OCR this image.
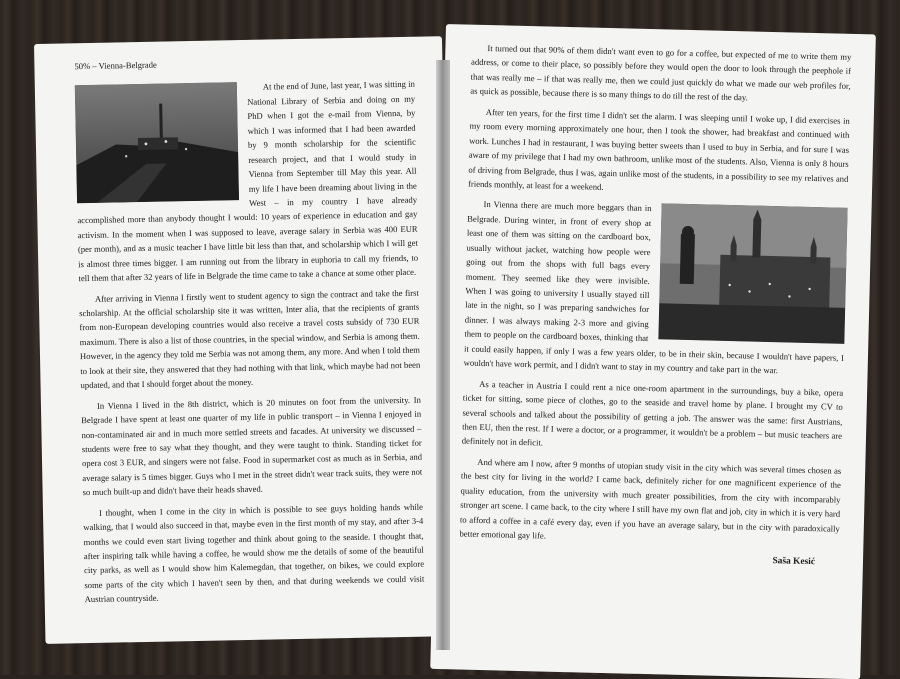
50% – Vienna-Belgrade

At the end of June, last year, I was sitting in National Library of Serbia and doing on my PhD when I got the e-mail from Vienna, by which I was informed that I had been awarded by 9 month scholarship for the scientific research project, and that I would study in Vienna from September till May this year. All my life I have been dreaming about living in the West – in my country I have already accomplished more than anybody thought I would: 10 years of experience in education and gay activism. In the moment when I was supposed to leave, average salary in Serbia was 400 EUR (per month), and as a music teacher I have little bit less than that, and scholarship which I will get is almost three times bigger. I am running out from the library in euphoria to call my friends, to tell them that after 32 years of life in Belgrade the time came to take a chance at some other place.

After arriving in Vienna I firstly went to student agency to sign the contract and take the first scholarship. At the official scholarship site it was written, Inter alia, that the recipients of grants from non-European developing countries would also receive a travel costs subsidy of 730 EUR maximum. There is also a list of those countries, in the special window, and Serbia is among them. However, in the agency they told me Serbia was not among them, any more. And when I told them to look at their site, they answered that they had nothing with that link, which maybe had not been updated, and that I should forget about the money.

In Vienna I lived in the 8th district, which is 20 minutes on foot from the university. In Belgrade I have spent at least one quarter of my life in public transport – in Vienna I enjoyed in non-contaminated air and in much more settled streets and facades. At university we discussed – students were free to say what they thought, and they were taught to think. Standing ticket for opera cost 3 EUR, and singers were not false. Food in supermarket cost as much as in Serbia, and average salary is 5 times bigger. Guys who I met in the street didn't wear track suits, they were not so much built-up and didn't have their heads shaved.

I thought, when I come in the city in which is possible to see guys holding hands while walking, that I would also succeed in that, maybe even in the first month of my stay, and after 3-4 months we could even start living together and think about going to the seaside. I thought that, after inspiring talk while having a coffee, he would show me the details of some of the beautiful city parks, as well as I would show him Kalemegdan, that together, on bikes, we could explore some parts of the city which I haven't seen by then, and that during weekends we could visit Austrian countryside.

It turned out that 90% of them didn't want even to go for a coffee, but expected of me to write them my address, or come to their place, so possibly before they would open the door to look through the peephole if that was really me – if that was really me, then we could just quickly do what we made our web profiles for, as quick as possible, because there is so many things to do till the rest of the day.

After ten years, for the first time I didn't set the alarm. I was sleeping until I woke up, I did exercises in my room every morning approximately one hour, then I took the shower, had breakfast and continued with work. Lunches I had in restaurant, I was buying better sweets than I used to buy in Serbia, and for sure I was aware of my privilege that I had my own bathroom, unlike most of the students. Also, Vienna is only 8 hours of driving from Belgrade, thus I was, again unlike most of the students, in a possibility to see my relatives and friends monthly, at least for a weekend.

In Vienna there are much more beggars than in Belgrade. During winter, in front of every shop at least one of them was sitting on the cardboard box, usually without jacket, watching how people were going out from the shops with full bags every moment. They seemed like they were invisible. When I was going to university I usually stayed till late in the night, so I was preparing sandwiches for dinner. I was always making 2-3 more and giving them to people on the cardboard boxes, thinking that it could easily happen, if only I was a few years older, to be in their skin, because I wouldn't have papers, I wouldn't have work permit, and I didn't want to stay in my country and take part in the war.

As a teacher in Austria I could rent a nice one-room apartment in the surroundings, buy a bike, opera ticket for sitting, some piece of clothes, go to the seaside and travel home by plane. I brought my CV to several schools and talked about the possibility of getting a job. The answer was the same: first Austrians, then EU, then the rest. If I were a doctor, or a programmer, it wouldn't be a problem – but music teachers are definitely not in deficit.

And where am I now, after 9 months of utopian study visit in the city which was several times chosen as the best city for living in the world? I came back, definitely richer for one magnificent experience of the quality education, from the university with much greater possibilities, from the city with incomparably stronger art scene. I came back, to the city where I still have my own flat and job, city in which it is very hard to afford a coffee in a café every day, even if you have an average salary, but in the city with paradoxically better emotional gay life.

Saša Kesić
